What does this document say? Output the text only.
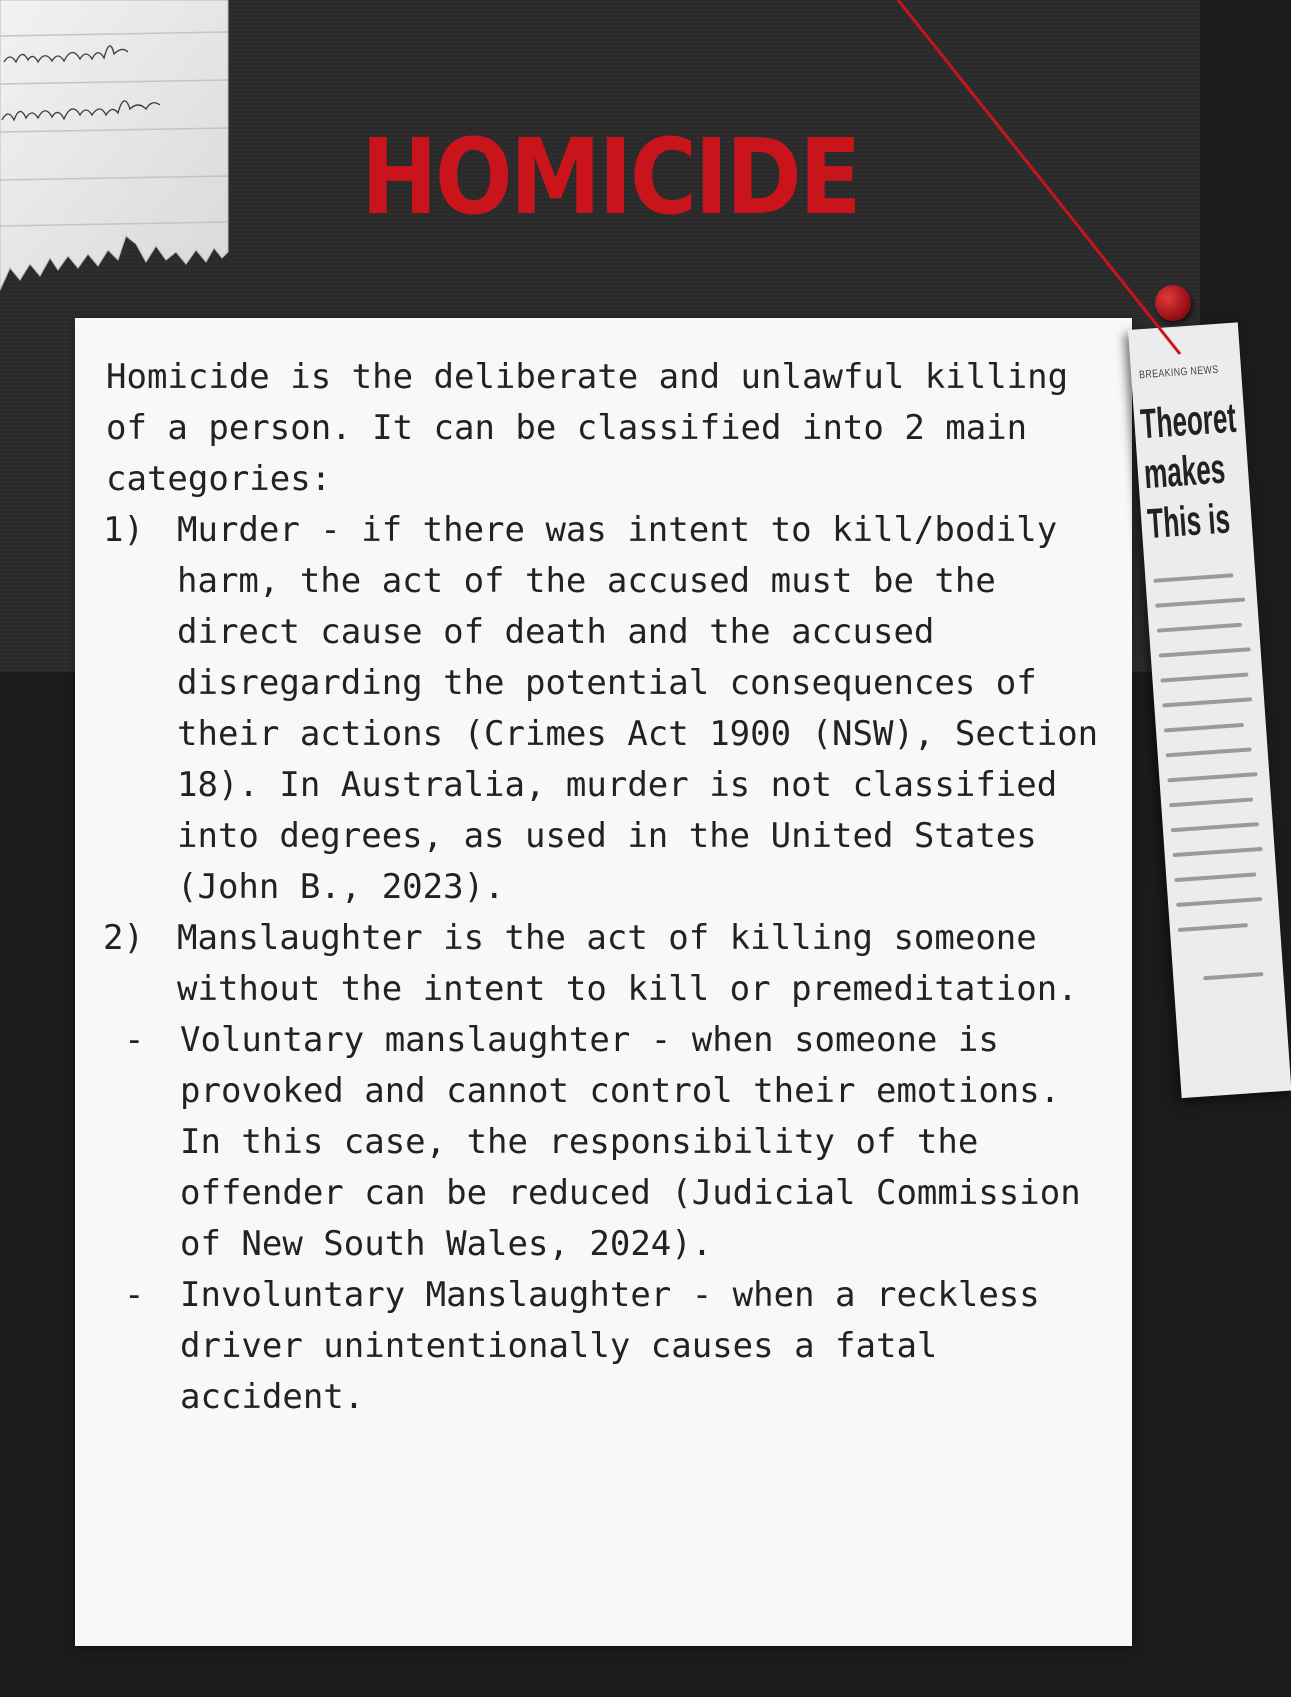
BREAKING NEWS
Theoret
makes
This is
HOMICIDE

Homicide is the deliberate and unlawful killing of a person. It can be classified into 2 main categories:

1) Murder - if there was intent to kill/bodily harm, the act of the accused must be the direct cause of death and the accused disregarding the potential consequences of their actions (Crimes Act 1900 (NSW), Section 18). In Australia, murder is not classified into degrees, as used in the United States (John B., 2023).
2) Manslaughter is the act of killing someone without the intent to kill or premeditation.
-	Voluntary manslaughter - when someone is provoked and cannot control their emotions. In this case, the responsibility of the offender can be reduced (Judicial Commission of New South Wales, 2024).
-	Involuntary Manslaughter - when a reckless driver unintentionally causes a fatal accident.
